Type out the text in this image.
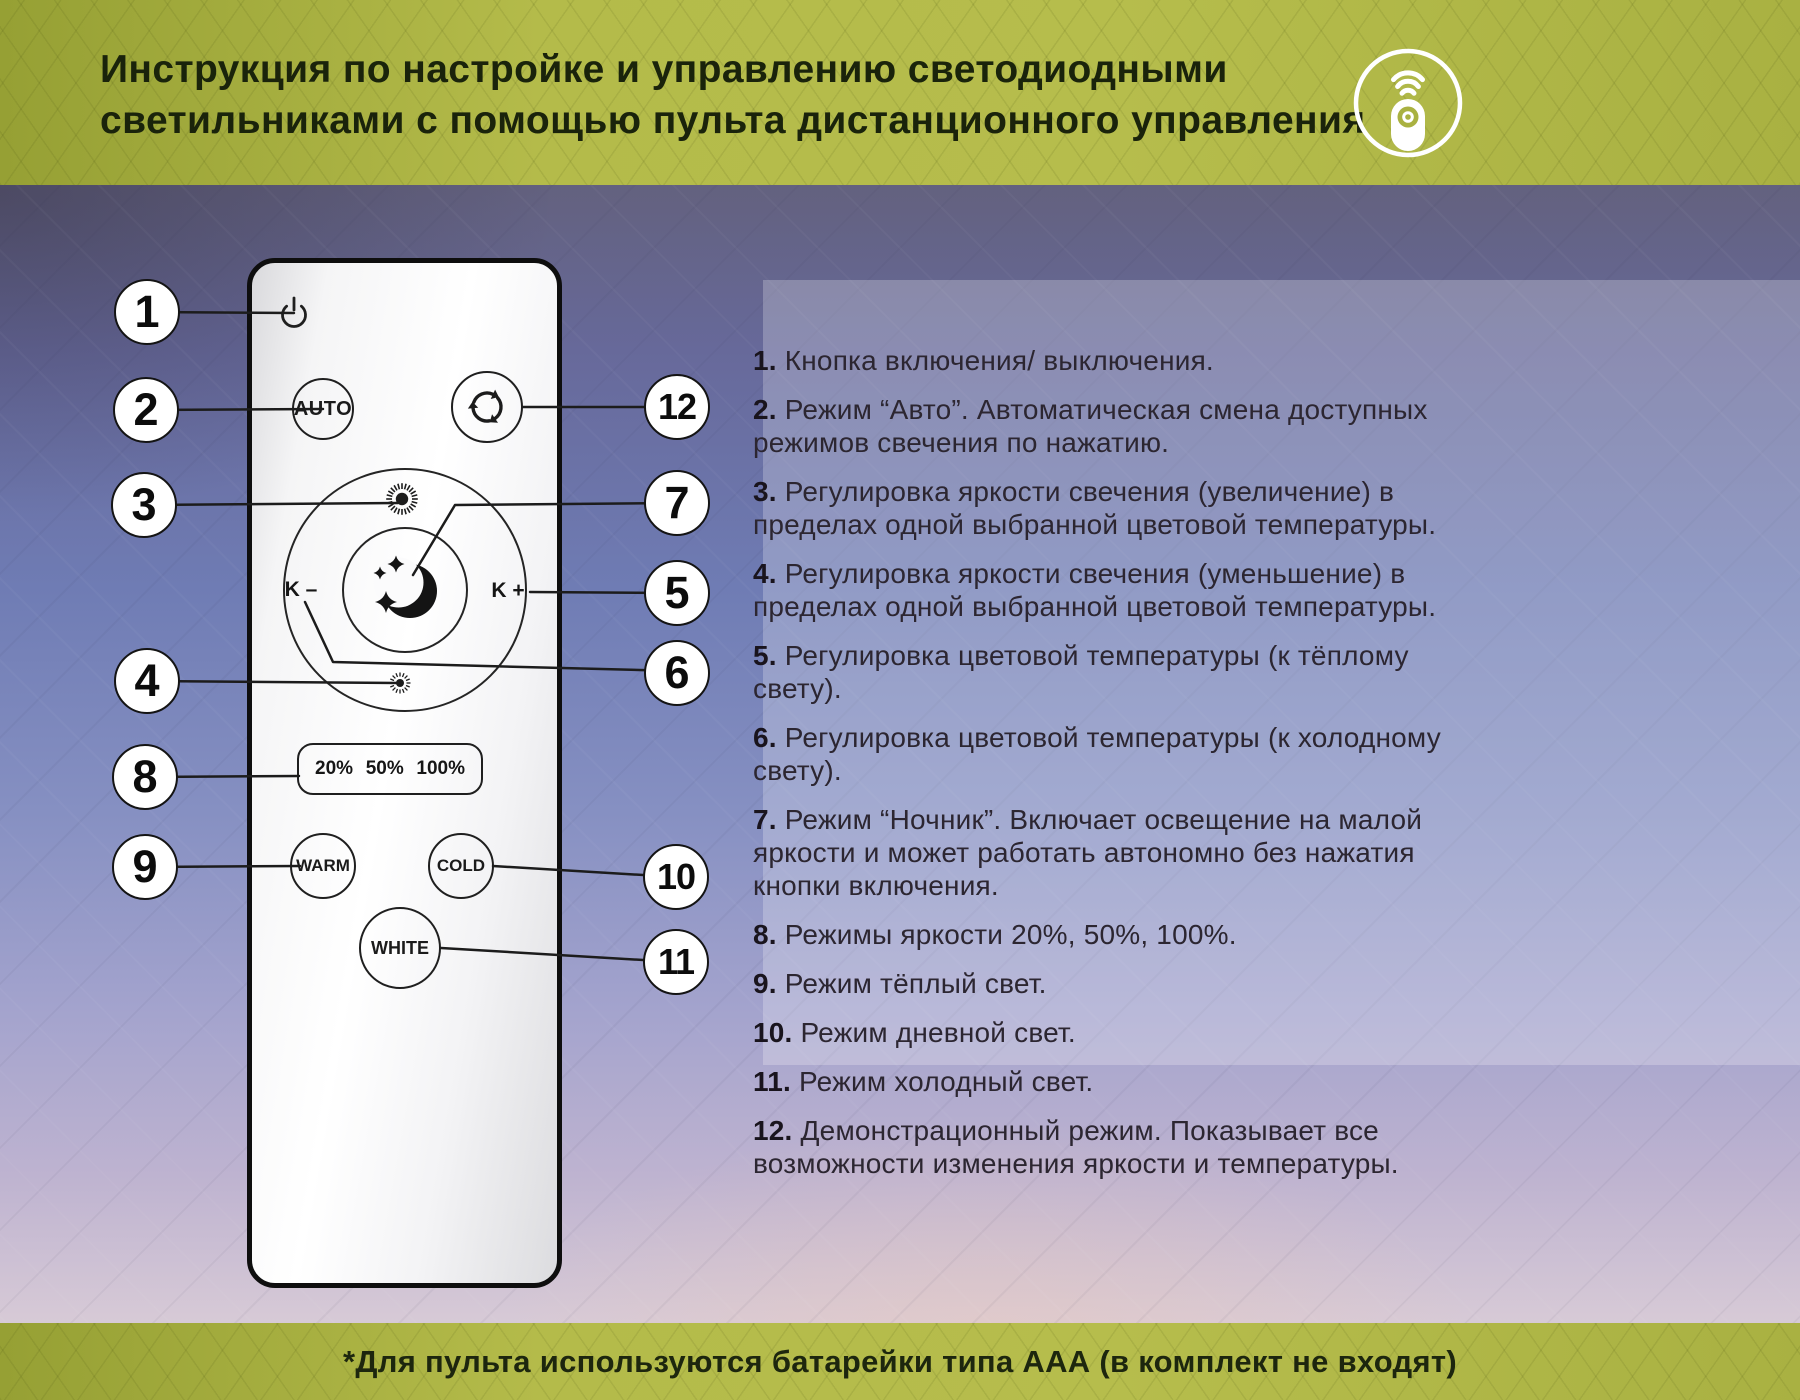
Инструкция по настройке и управлению светодиодными
светильниками с помощью пульта дистанционного управления
AUTO
K –	K +
20% 50% 100%
WARM	COLD
WHITE
1
2
3
4
8
9
12
7
5
6
10
11
1. Кнопка включения/ выключения.
2. Режим “Авто”. Автоматическая смена доступных
режимов свечения по нажатию.
3. Регулировка яркости свечения (увеличение) в
пределах одной выбранной цветовой температуры.
4. Регулировка яркости свечения (уменьшение) в
пределах одной выбранной цветовой температуры.
5. Регулировка цветовой температуры (к тёплому
свету).
6. Регулировка цветовой температуры (к холодному
свету).
7. Режим “Ночник”. Включает освещение на малой
яркости и может работать автономно без нажатия
кнопки включения.
8. Режимы яркости 20%, 50%, 100%.
9. Режим тёплый свет.
10. Режим дневной свет.
11. Режим холодный свет.
12. Демонстрационный режим. Показывает все
возможности изменения яркости и температуры.
*Для пульта используются батарейки типа ААА (в комплект не входят)
